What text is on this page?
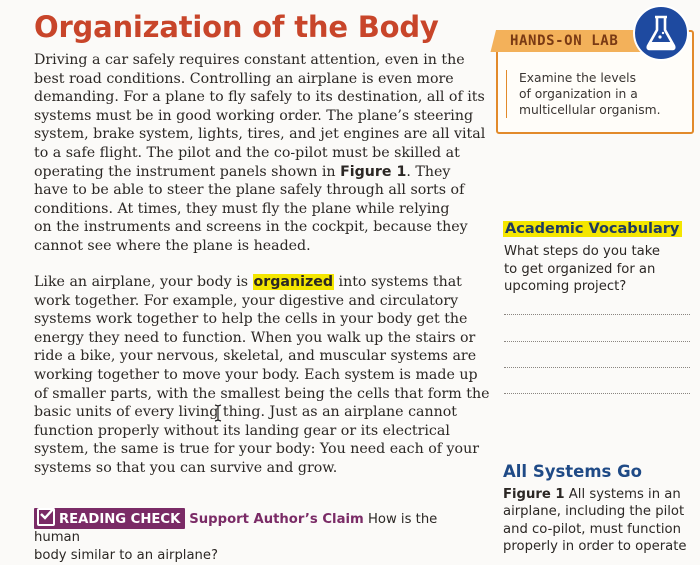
Organization of the Body
Driving a car safely requires constant attention, even in the
best road conditions. Controlling an airplane is even more
demanding. For a plane to fly safely to its destination, all of its
systems must be in good working order. The plane’s steering
system, brake system, lights, tires, and jet engines are all vital
to a safe flight. The pilot and the co-pilot must be skilled at
operating the instrument panels shown in Figure 1. They
have to be able to steer the plane safely through all sorts of
conditions. At times, they must fly the plane while relying
on the instruments and screens in the cockpit, because they
cannot see where the plane is headed.
Like an airplane, your body is organized into systems that
work together. For example, your digestive and circulatory
systems work together to help the cells in your body get the
energy they need to function. When you walk up the stairs or
ride a bike, your nervous, skeletal, and muscular systems are
working together to move your body. Each system is made up
of smaller parts, with the smallest being the cells that form the
basic units of every living thing. Just as an airplane cannot
function properly without its landing gear or its electrical
system, the same is true for your body: You need each of your
systems so that you can survive and grow.
READING CHECK Support Author’s Claim How is the human
body similar to an airplane?
HANDS-ON LAB
Examine the levels
of organization in a
multicellular organism.
Academic Vocabulary
What steps do you take
to get organized for an
upcoming project?
All Systems Go
Figure 1 All systems in an
airplane, including the pilot
and co-pilot, must function
properly in order to operate
